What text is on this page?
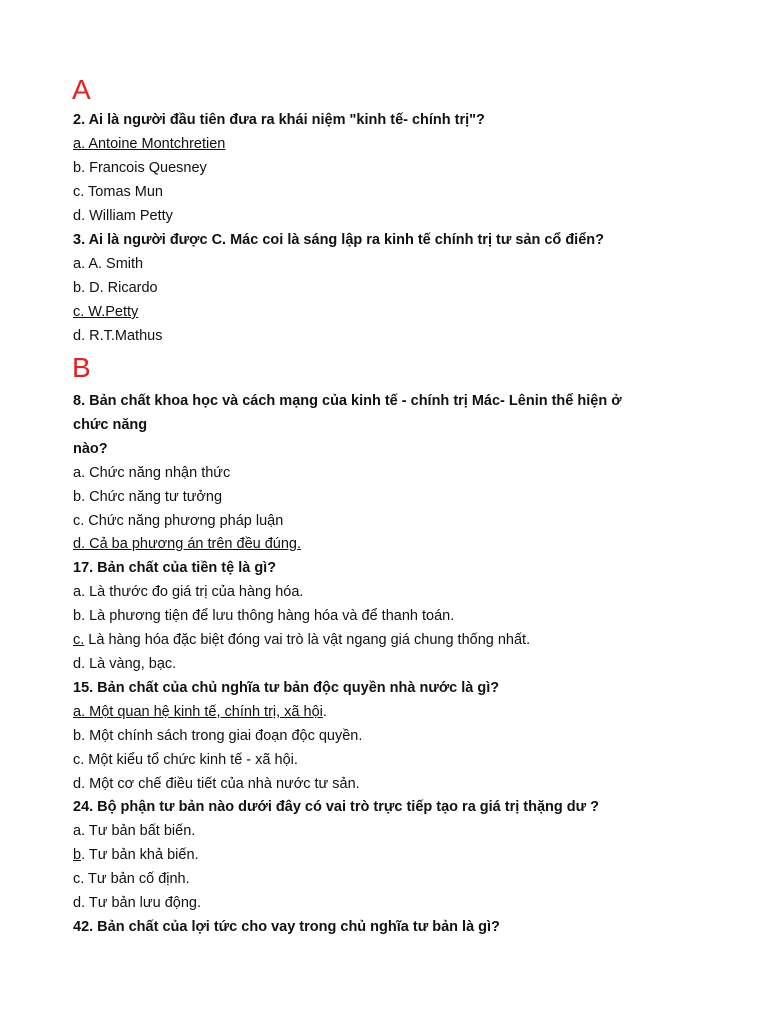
A
2. Ai là người đầu tiên đưa ra khái niệm "kinh tế- chính trị"?
a. Antoine Montchretien
b. Francois Quesney
c. Tomas Mun
d. William Petty
3. Ai là người được C. Mác coi là sáng lập ra kinh tế chính trị tư sản cổ điển?
a. A. Smith
b. D. Ricardo
c. W.Petty
d. R.T.Mathus
B
8. Bản chất khoa học và cách mạng của kinh tế - chính trị Mác- Lênin thể hiện ở
chức năng
nào?
a. Chức năng nhận thức
b. Chức năng tư tưởng
c. Chức năng phương pháp luận
d. Cả ba phương án trên đều đúng.
17. Bản chất của tiền tệ là gì?
a. Là thước đo giá trị của hàng hóa.
b. Là phương tiện để lưu thông hàng hóa và để thanh toán.
c. Là hàng hóa đặc biệt đóng vai trò là vật ngang giá chung thống nhất.
d. Là vàng, bạc.
15. Bản chất của chủ nghĩa tư bản độc quyền nhà nước là gì?
a. Một quan hệ kinh tế, chính trị, xã hội.
b. Một chính sách trong giai đoạn độc quyền.
c. Một kiểu tổ chức kinh tế - xã hội.
d. Một cơ chế điều tiết của nhà nước tư sản.
24. Bộ phận tư bản nào dưới đây có vai trò trực tiếp tạo ra giá trị thặng dư ?
a. Tư bản bất biến.
b. Tư bản khả biến.
c. Tư bản cố định.
d. Tư bản lưu động.
42. Bản chất của lợi tức cho vay trong chủ nghĩa tư bản là gì?
